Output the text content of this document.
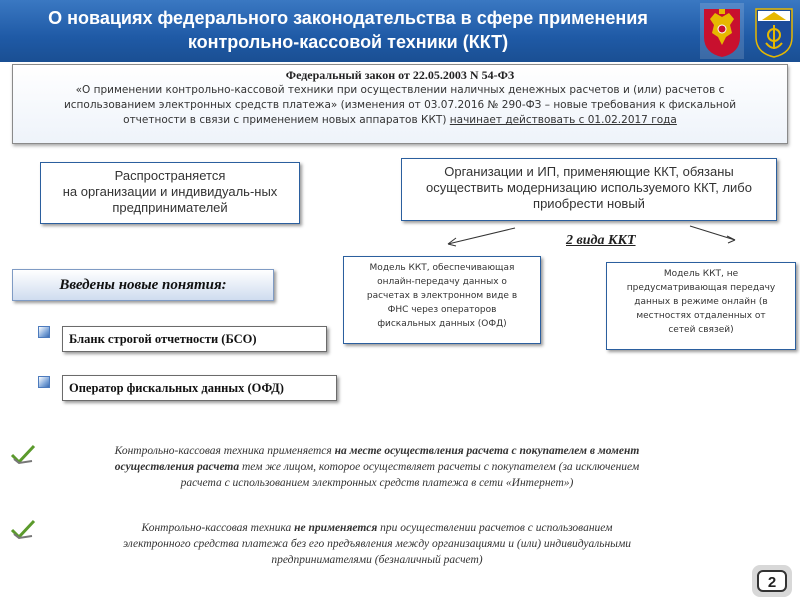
О новациях федерального законодательства в сфере применения
контрольно-кассовой техники (ККТ)
Федеральный закон от 22.05.2003 N 54-ФЗ
«О применении контрольно-кассовой техники при осуществлении наличных денежных расчетов и (или) расчетов с
использованием электронных средств платежа» (изменения от 03.07.2016 № 290-ФЗ – новые требования к фискальной
отчетности в связи с применением новых аппаратов ККТ) начинает действовать с 01.02.2017 года
Распространяется
на организации и индивидуаль-ных
предпринимателей
Организации и ИП, применяющие ККТ, обязаны
осуществить модернизацию используемого ККТ, либо
приобрести новый
2 вида ККТ
Модель ККТ, обеспечивающая
онлайн-передачу данных о
расчетах в электронном виде в
ФНС через операторов
фискальных данных (ОФД)
Модель ККТ, не
предусматривающая передачу
данных в режиме онлайн (в
местностях отдаленных от
сетей связей)
Введены новые понятия:
Бланк строгой отчетности (БСО)
Оператор фискальных данных (ОФД)
Контрольно-кассовая техника применяется на месте осуществления расчета с покупателем в момент
осуществления расчета тем же лицом, которое осуществляет расчеты с покупателем (за исключением
расчета с использованием электронных средств платежа в сети «Интернет»)
Контрольно-кассовая техника не применяется при осуществлении расчетов с использованием
электронного средства платежа без его предъявления между организациями и (или) индивидуальными
предпринимателями (безналичный расчет)
2
